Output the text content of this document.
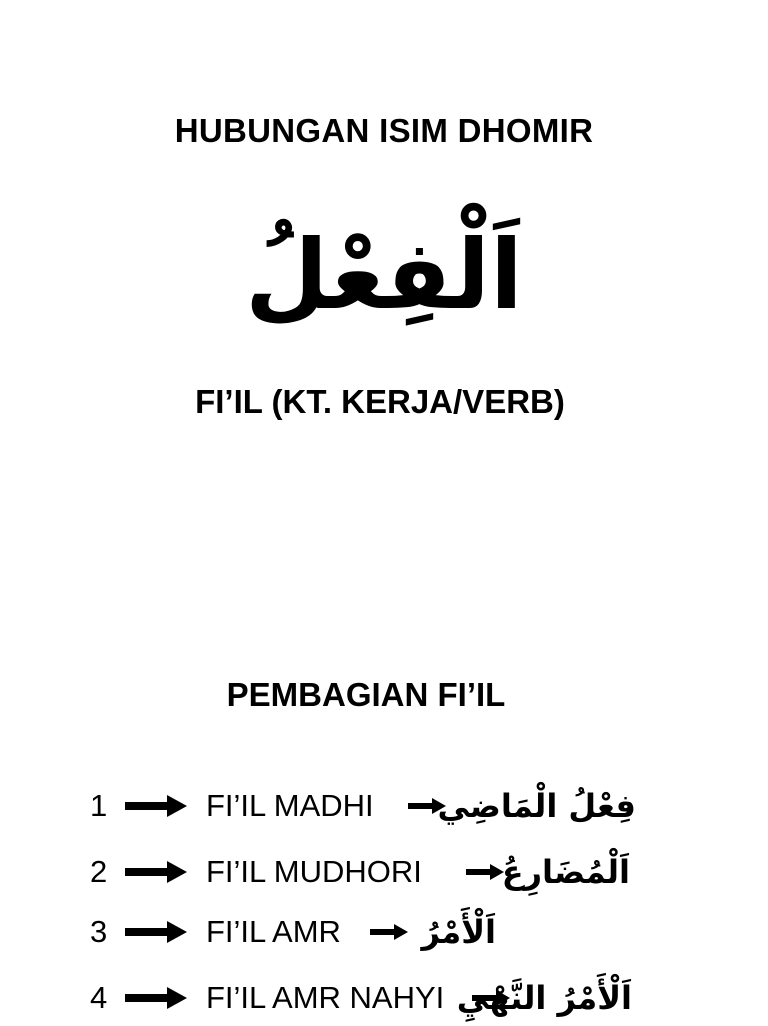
HUBUNGAN ISIM DHOMIR
اَلْفِعْلُ
FI’IL (KT. KERJA/VERB)
PEMBAGIAN FI’IL
1	FI’IL MADHI فِعْلُ الْمَاضِي
2	FI’IL MUDHORI اَلْمُضَارِعُ
3	FI’IL AMR	اَلْأَمْرُ
4	FI’IL AMR NAHYI اَلْأَمْرُ النَّهْيِ
